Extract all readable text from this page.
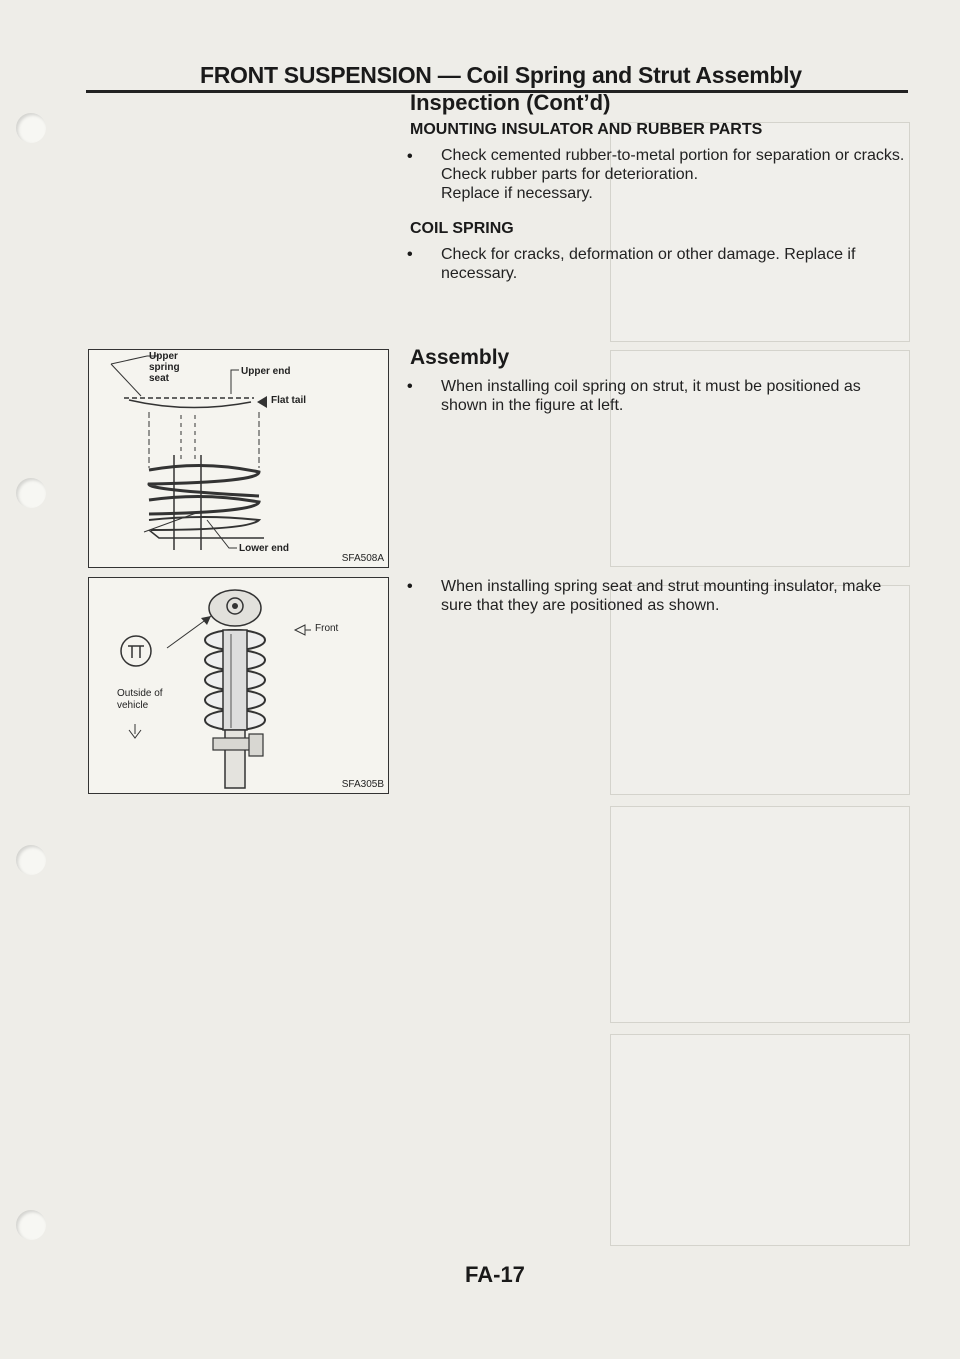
FRONT SUSPENSION — Coil Spring and Strut Assembly
Inspection (Cont’d)
MOUNTING INSULATOR AND RUBBER PARTS
• Check cemented rubber-to-metal portion for separation or cracks. Check rubber parts for deterioration.
Replace if necessary.
COIL SPRING
• Check for cracks, deformation or other damage. Replace if necessary.
Assembly
• When installing coil spring on strut, it must be positioned as shown in the figure at left.
• When installing spring seat and strut mounting insulator, make sure that they are positioned as shown.
Upper spring seat
Upper end
Flat tail
Lower end
SFA508A
Front
Outside of vehicle
SFA305B
FA-17
